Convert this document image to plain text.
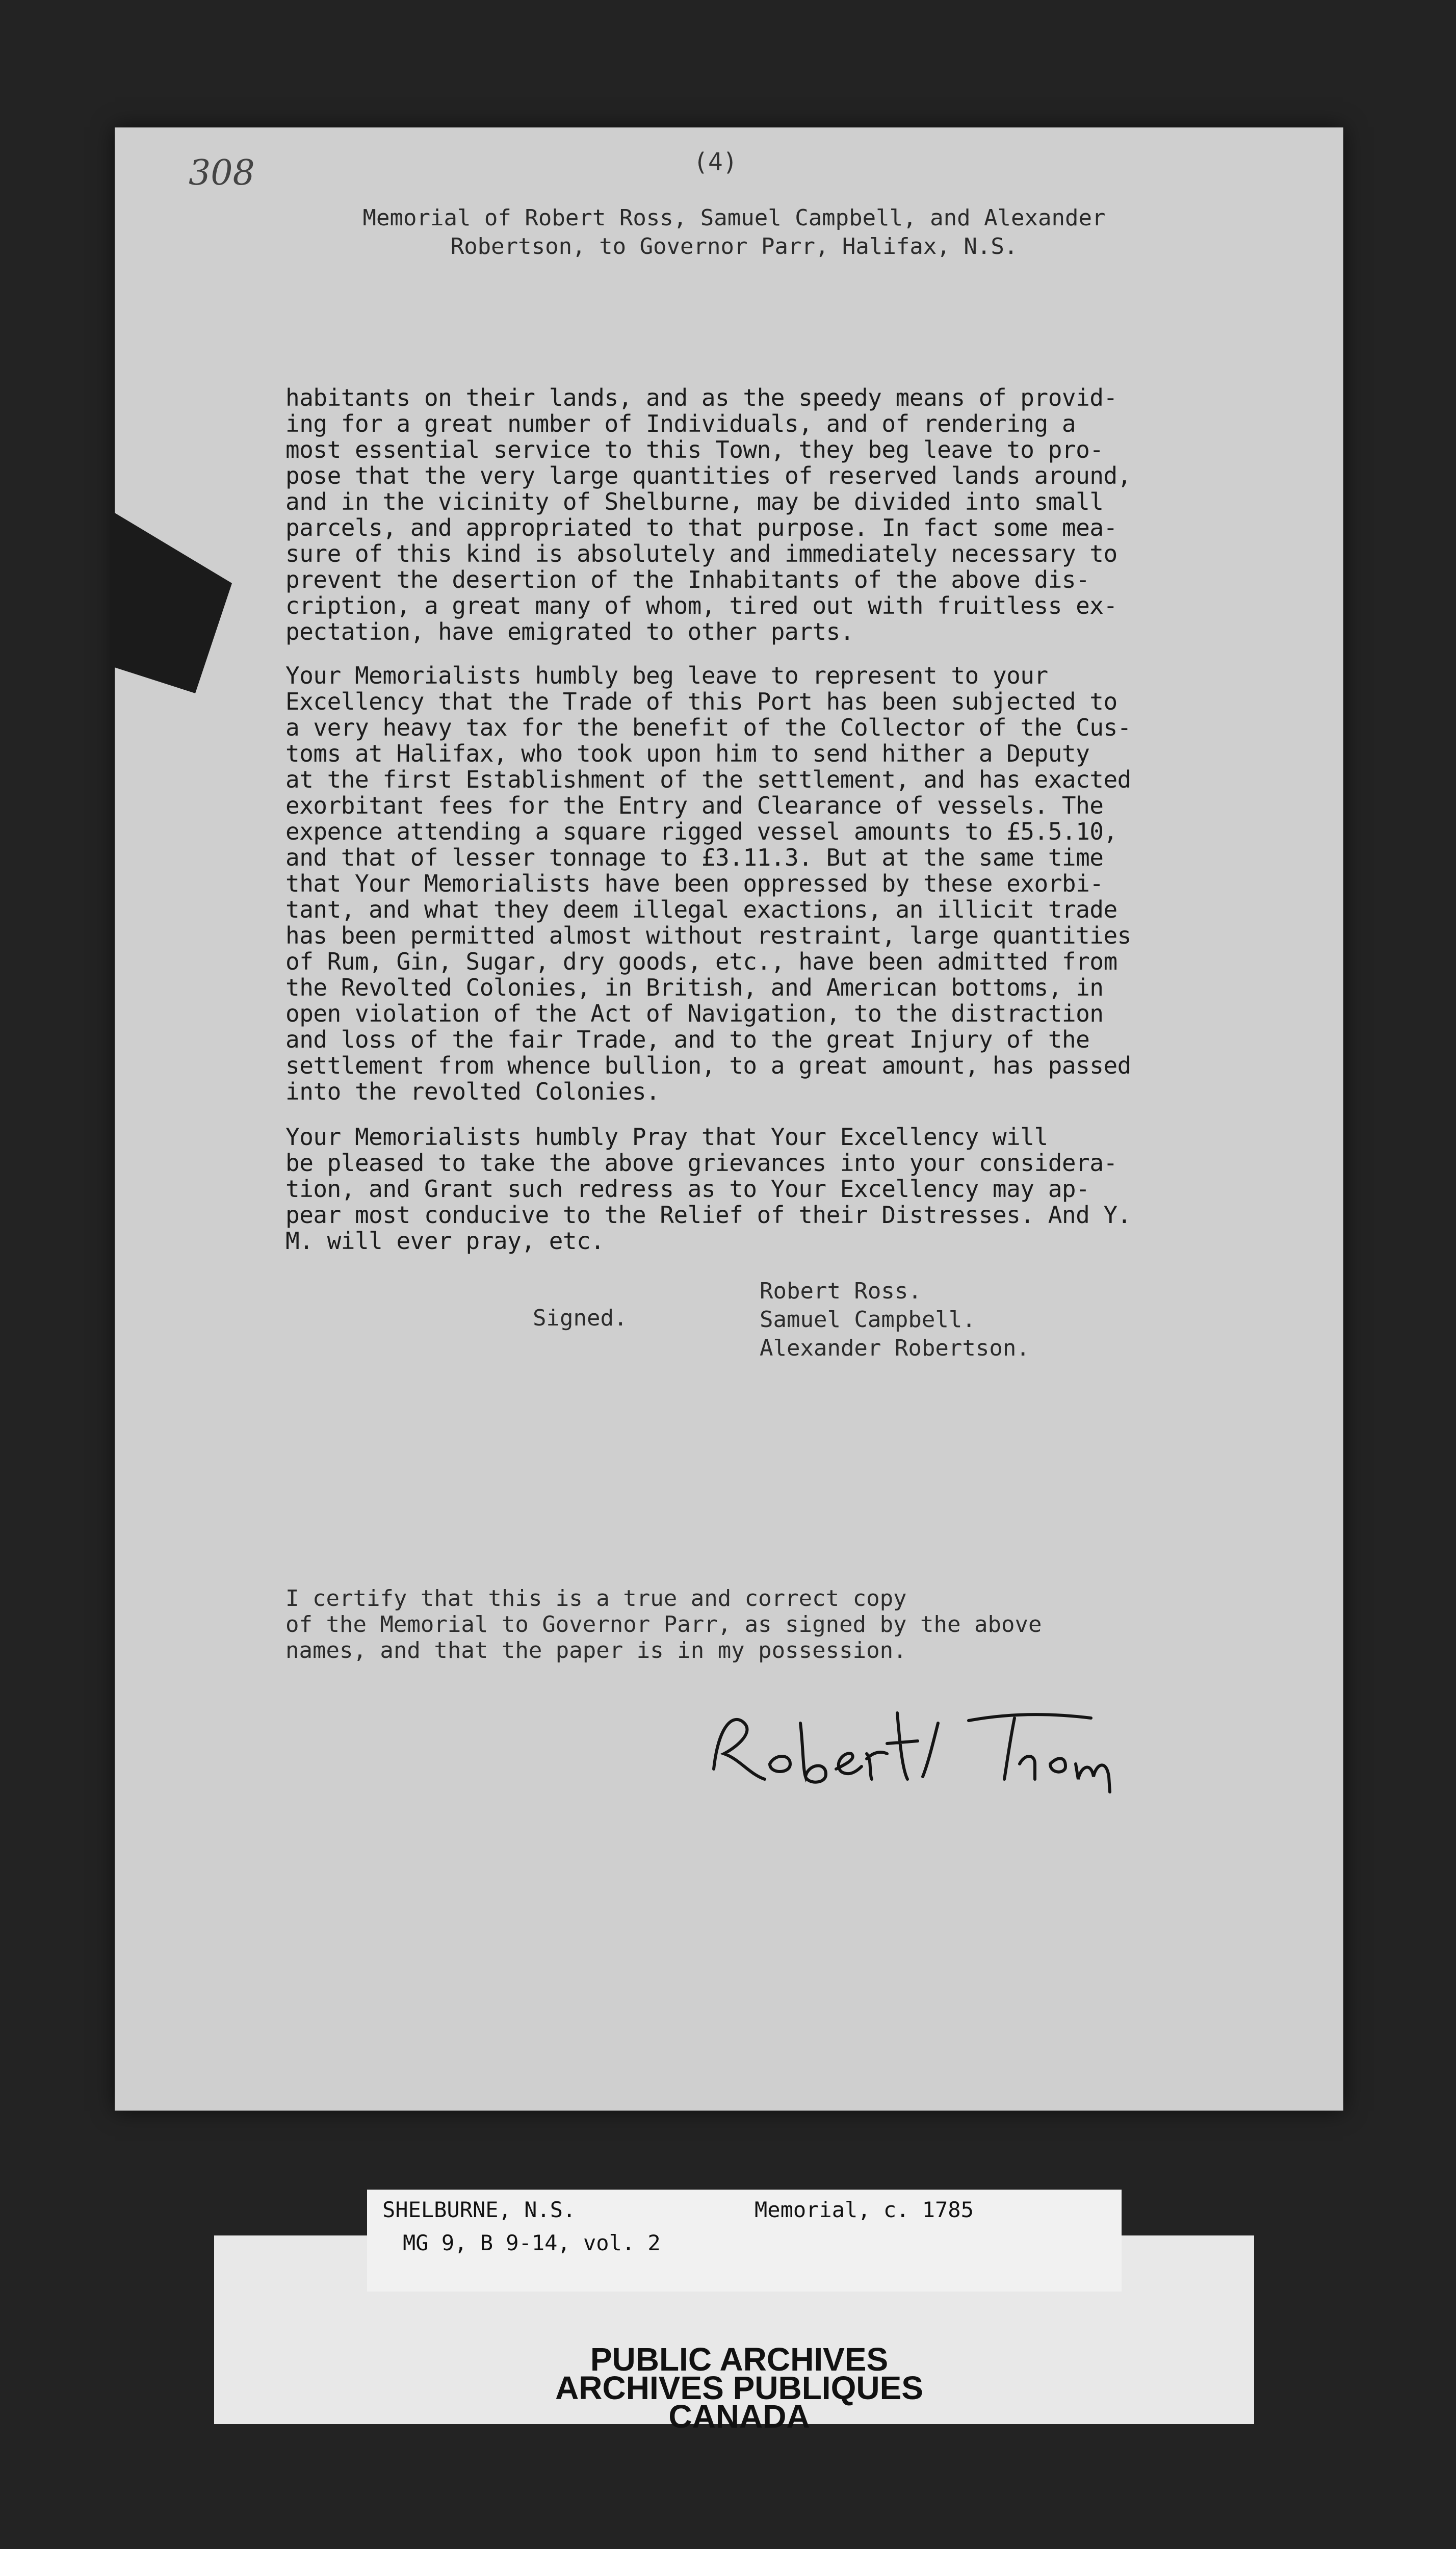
308	(4)
Memorial of Robert Ross, Samuel Campbell, and Alexander
Robertson, to Governor Parr, Halifax, N.S.
habitants on their lands, and as the speedy means of provid-
ing for a great number of Individuals, and of rendering a
most essential service to this Town, they beg leave to pro-
pose that the very large quantities of reserved lands around,
and in the vicinity of Shelburne, may be divided into small
parcels, and appropriated to that purpose. In fact some mea-
sure of this kind is absolutely and immediately necessary to
prevent the desertion of the Inhabitants of the above dis-
cription, a great many of whom, tired out with fruitless ex-
pectation, have emigrated to other parts.
Your Memorialists humbly beg leave to represent to your
Excellency that the Trade of this Port has been subjected to
a very heavy tax for the benefit of the Collector of the Cus-
toms at Halifax, who took upon him to send hither a Deputy
at the first Establishment of the settlement, and has exacted
exorbitant fees for the Entry and Clearance of vessels. The
expence attending a square rigged vessel amounts to £5.5.10,
and that of lesser tonnage to £3.11.3. But at the same time
that Your Memorialists have been oppressed by these exorbi-
tant, and what they deem illegal exactions, an illicit trade
has been permitted almost without restraint, large quantities
of Rum, Gin, Sugar, dry goods, etc., have been admitted from
the Revolted Colonies, in British, and American bottoms, in
open violation of the Act of Navigation, to the distraction
and loss of the fair Trade, and to the great Injury of the
settlement from whence bullion, to a great amount, has passed
into the revolted Colonies.
Your Memorialists humbly Pray that Your Excellency will
be pleased to take the above grievances into your considera-
tion, and Grant such redress as to Your Excellency may ap-
pear most conducive to the Relief of their Distresses. And Y.
M. will ever pray, etc.
Signed.
Robert Ross.
Samuel Campbell.
Alexander Robertson.
I certify that this is a true and correct copy
of the Memorial to Governor Parr, as signed by the above
names, and that the paper is in my possession.
SHELBURNE, N.S.	Memorial, c. 1785
MG 9, B 9-14, vol. 2
PUBLIC ARCHIVES
ARCHIVES PUBLIQUES
CANADA
